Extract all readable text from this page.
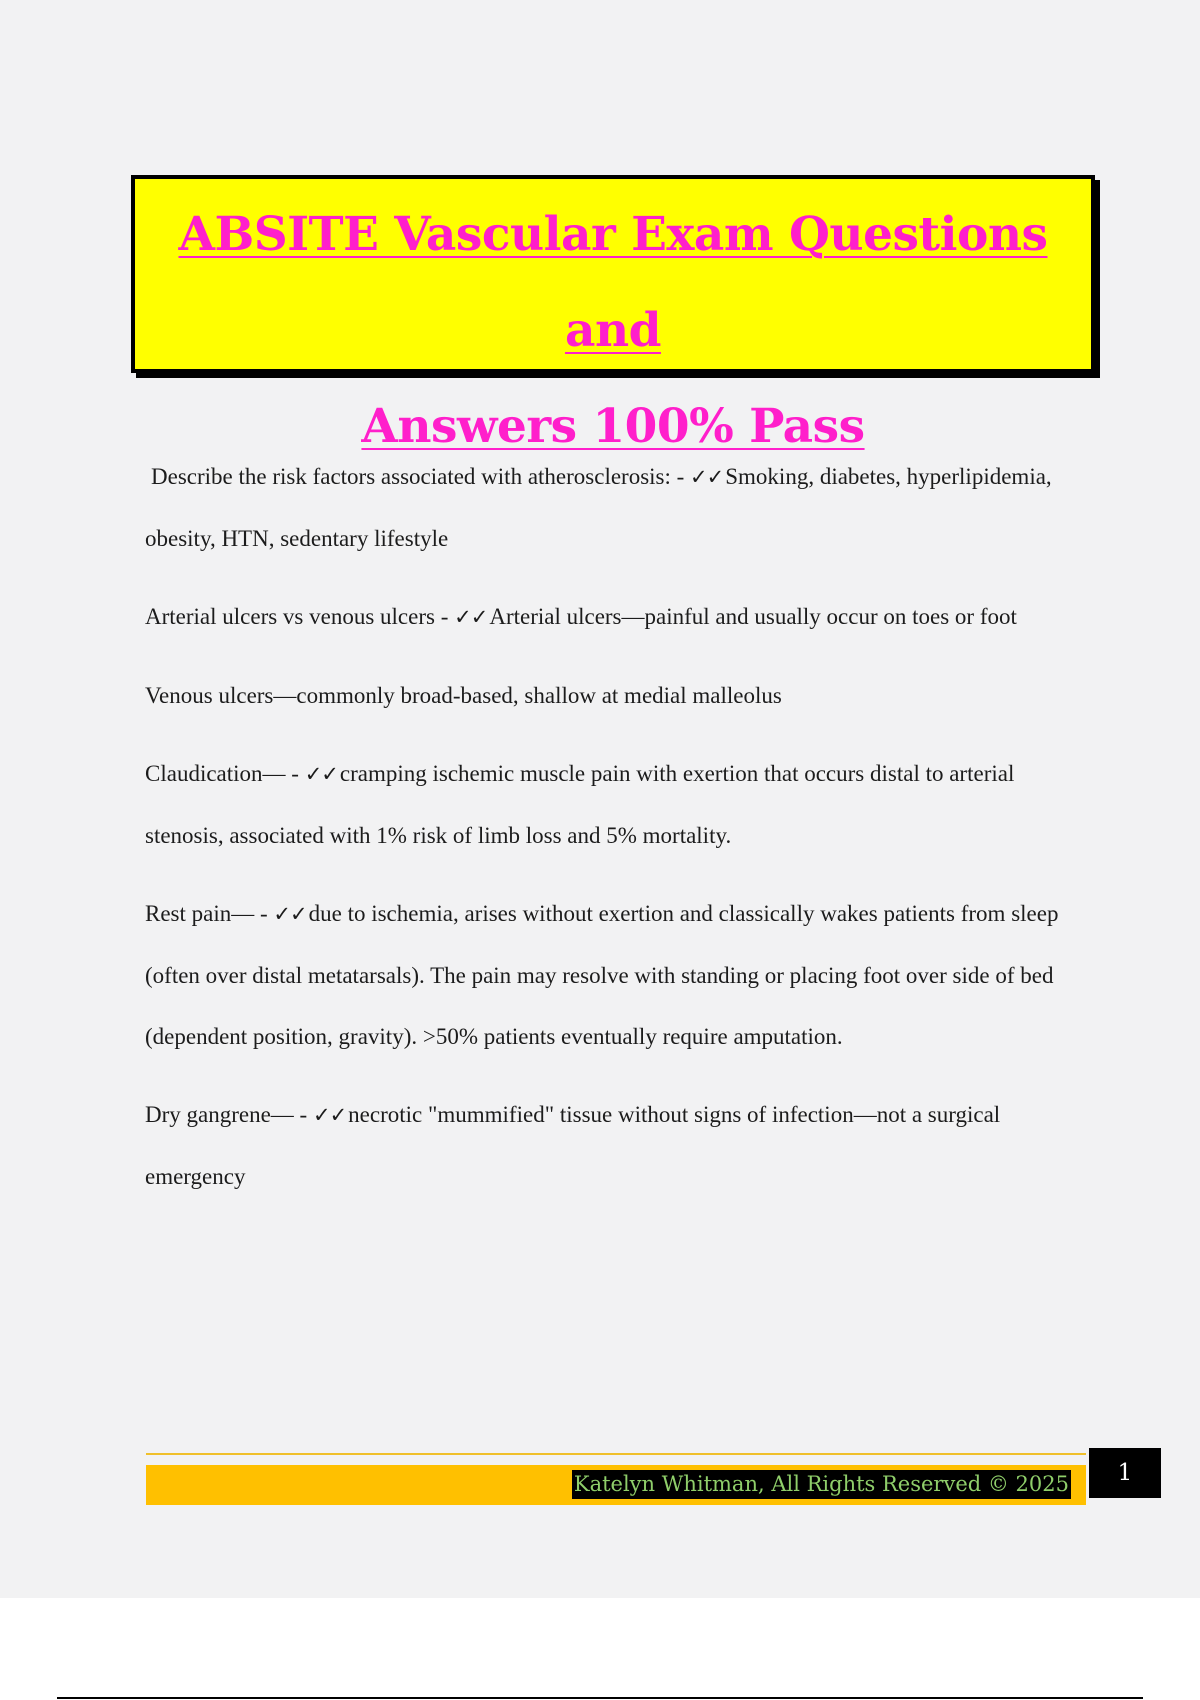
ABSITE Vascular Exam Questions and
Answers 100% Pass

Describe the risk factors associated with atherosclerosis: - ✓✓Smoking, diabetes, hyperlipidemia, obesity, HTN, sedentary lifestyle

Arterial ulcers vs venous ulcers - ✓✓Arterial ulcers—painful and usually occur on toes or foot

Venous ulcers—commonly broad-based, shallow at medial malleolus

Claudication— - ✓✓cramping ischemic muscle pain with exertion that occurs distal to arterial stenosis, associated with 1% risk of limb loss and 5% mortality.

Rest pain— - ✓✓due to ischemia, arises without exertion and classically wakes patients from sleep (often over distal metatarsals). The pain may resolve with standing or placing foot over side of bed (dependent position, gravity). >50% patients eventually require amputation.

Dry gangrene— - ✓✓necrotic "mummified" tissue without signs of infection—not a surgical emergency

Katelyn Whitman, All Rights Reserved © 2025	1
